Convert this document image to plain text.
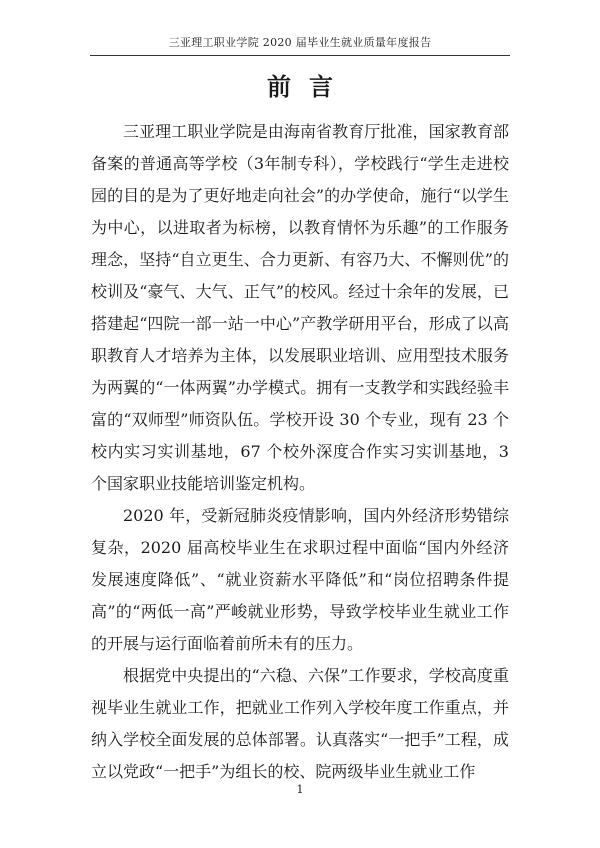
三亚理工职业学院 2020 届毕业生就业质量年度报告
前言

三亚理工职业学院是由海南省教育厅批准，国家教育部备案的普通高等学校（3年制专科），学校践行“学生走进校园的目的是为了更好地走向社会”的办学使命，施行“以学生为中心，以进取者为标榜，以教育情怀为乐趣”的工作服务理念，坚持“自立更生、合力更新、有容乃大、不懈则优”的校训及“豪气、大气、正气”的校风。经过十余年的发展，已搭建起“四院一部一站一中心”产教学研用平台，形成了以高职教育人才培养为主体，以发展职业培训、应用型技术服务为两翼的“一体两翼”办学模式。拥有一支教学和实践经验丰富的“双师型”师资队伍。学校开设 30 个专业，现有 23 个校内实习实训基地，67 个校外深度合作实习实训基地，3 个国家职业技能培训鉴定机构。

2020 年，受新冠肺炎疫情影响，国内外经济形势错综复杂，2020 届高校毕业生在求职过程中面临“国内外经济发展速度降低”、“就业资薪水平降低”和“岗位招聘条件提高”的“两低一高”严峻就业形势，导致学校毕业生就业工作的开展与运行面临着前所未有的压力。

根据党中央提出的“六稳、六保”工作要求，学校高度重视毕业生就业工作，把就业工作列入学校年度工作重点，并纳入学校全面发展的总体部署。认真落实“一把手”工程，成立以党政“一把手”为组长的校、院两级毕业生就业工作

1
